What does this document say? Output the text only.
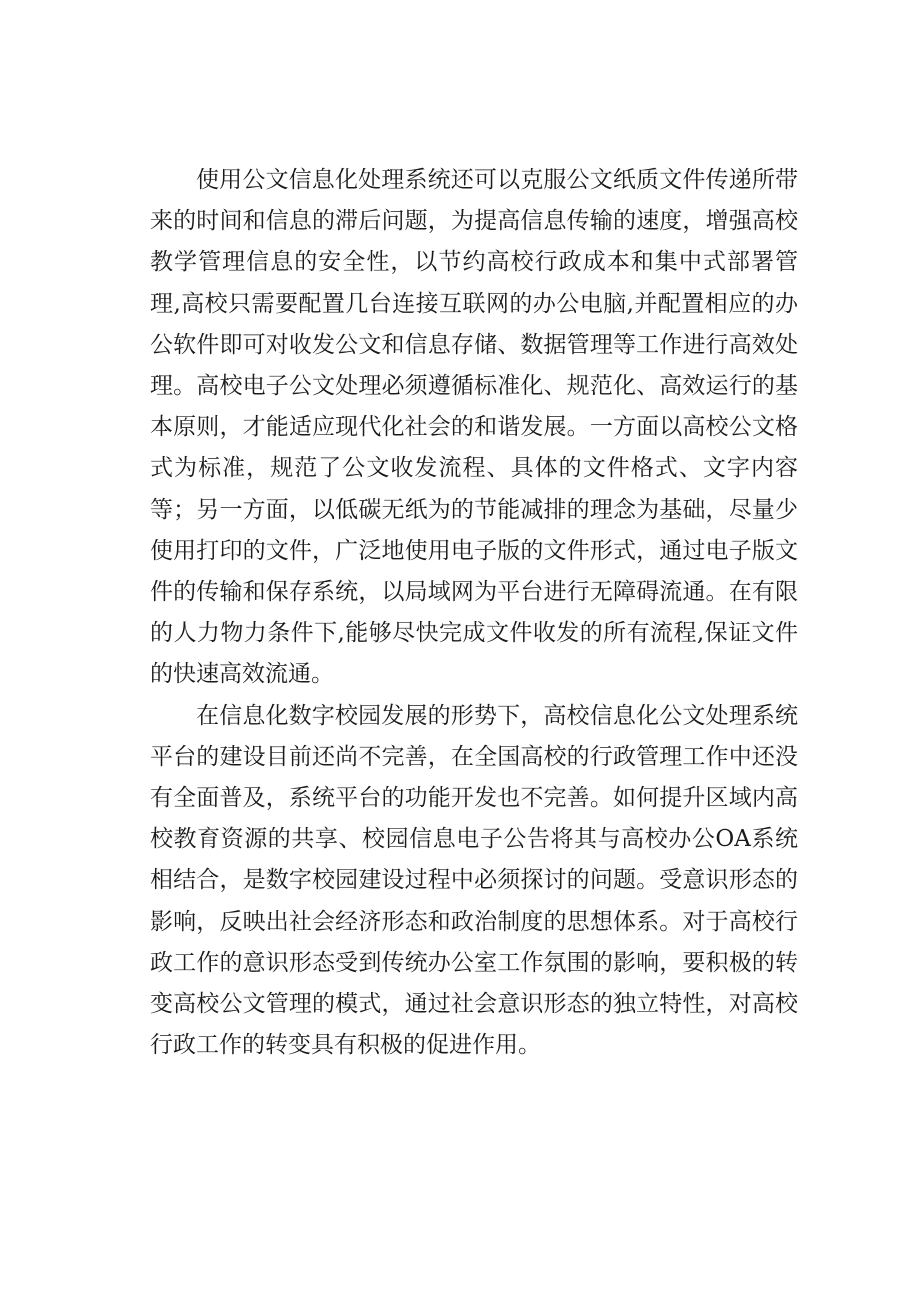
使用公文信息化处理系统还可以克服公文纸质文件传递所带来的时间和信息的滞后问题，为提高信息传输的速度，增强高校教学管理信息的安全性，以节约高校行政成本和集中式部署管理,高校只需要配置几台连接互联网的办公电脑,并配置相应的办公软件即可对收发公文和信息存储、数据管理等工作进行高效处理。高校电子公文处理必须遵循标准化、规范化、高效运行的基本原则，才能适应现代化社会的和谐发展。一方面以高校公文格式为标准，规范了公文收发流程、具体的文件格式、文字内容等；另一方面，以低碳无纸为的节能减排的理念为基础，尽量少使用打印的文件，广泛地使用电子版的文件形式，通过电子版文件的传输和保存系统，以局域网为平台进行无障碍流通。在有限的人力物力条件下,能够尽快完成文件收发的所有流程,保证文件的快速高效流通。

在信息化数字校园发展的形势下，高校信息化公文处理系统平台的建设目前还尚不完善，在全国高校的行政管理工作中还没有全面普及，系统平台的功能开发也不完善。如何提升区域内高校教育资源的共享、校园信息电子公告将其与高校办公OA系统相结合，是数字校园建设过程中必须探讨的问题。受意识形态的影响，反映出社会经济形态和政治制度的思想体系。对于高校行政工作的意识形态受到传统办公室工作氛围的影响，要积极的转变高校公文管理的模式，通过社会意识形态的独立特性，对高校行政工作的转变具有积极的促进作用。
